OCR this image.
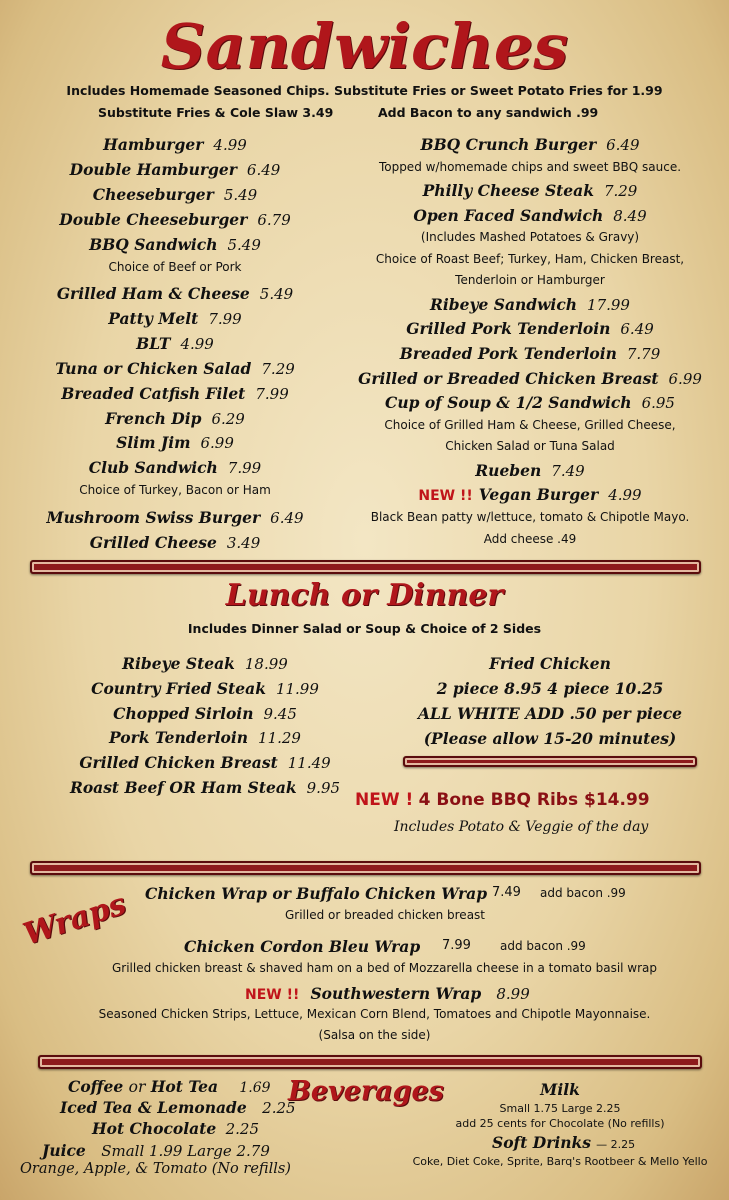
Sandwiches
Includes Homemade Seasoned Chips. Substitute Fries or Sweet Potato Fries for 1.99
Substitute Fries & Cole Slaw 3.49	Add Bacon to any sandwich .99
Hamburger 4.99
Double Hamburger 6.49
Cheeseburger 5.49
Double Cheeseburger 6.79
BBQ Sandwich 5.49
Choice of Beef or Pork
Grilled Ham & Cheese 5.49
Patty Melt 7.99
BLT 4.99
Tuna or Chicken Salad 7.29
Breaded Catfish Filet 7.99
French Dip 6.29
Slim Jim 6.99
Club Sandwich 7.99
Choice of Turkey, Bacon or Ham
Mushroom Swiss Burger 6.49
Grilled Cheese 3.49
BBQ Crunch Burger 6.49
Topped w/homemade chips and sweet BBQ sauce.
Philly Cheese Steak 7.29
Open Faced Sandwich 8.49
(Includes Mashed Potatoes & Gravy)
Choice of Roast Beef; Turkey, Ham, Chicken Breast,
Tenderloin or Hamburger
Ribeye Sandwich 17.99
Grilled Pork Tenderloin 6.49
Breaded Pork Tenderloin 7.79
Grilled or Breaded Chicken Breast 6.99
Cup of Soup & 1/2 Sandwich 6.95
Choice of Grilled Ham & Cheese, Grilled Cheese,
Chicken Salad or Tuna Salad
Rueben 7.49
NEW !! Vegan Burger 4.99
Black Bean patty w/lettuce, tomato & Chipotle Mayo.
Add cheese .49
Lunch or Dinner
Includes Dinner Salad or Soup & Choice of 2 Sides
Ribeye Steak 18.99
Country Fried Steak 11.99
Chopped Sirloin 9.45
Pork Tenderloin 11.29
Grilled Chicken Breast 11.49
Roast Beef OR Ham Steak 9.95
Fried Chicken
2 piece 8.95 4 piece 10.25
ALL WHITE ADD .50 per piece
(Please allow 15-20 minutes)
NEW ! 4 Bone BBQ Ribs $14.99
Includes Potato & Veggie of the day
Wraps Chicken Wrap or Buffalo Chicken Wrap 7.49 add bacon .99
Grilled or breaded chicken breast
Chicken Cordon Bleu Wrap 7.99 add bacon .99
Grilled chicken breast & shaved ham on a bed of Mozzarella cheese in a tomato basil wrap
NEW !! Southwestern Wrap 8.99
Seasoned Chicken Strips, Lettuce, Mexican Corn Blend, Tomatoes and Chipotle Mayonnaise.
(Salsa on the side)
Beverages
Coffee or Hot Tea 1.69
Iced Tea & Lemonade 2.25
Hot Chocolate 2.25
Juice Small 1.99 Large 2.79
Orange, Apple, & Tomato (No refills)
Milk
Small 1.75 Large 2.25
add 25 cents for Chocolate (No refills)
Soft Drinks — 2.25
Coke, Diet Coke, Sprite, Barq's Rootbeer & Mello Yello
